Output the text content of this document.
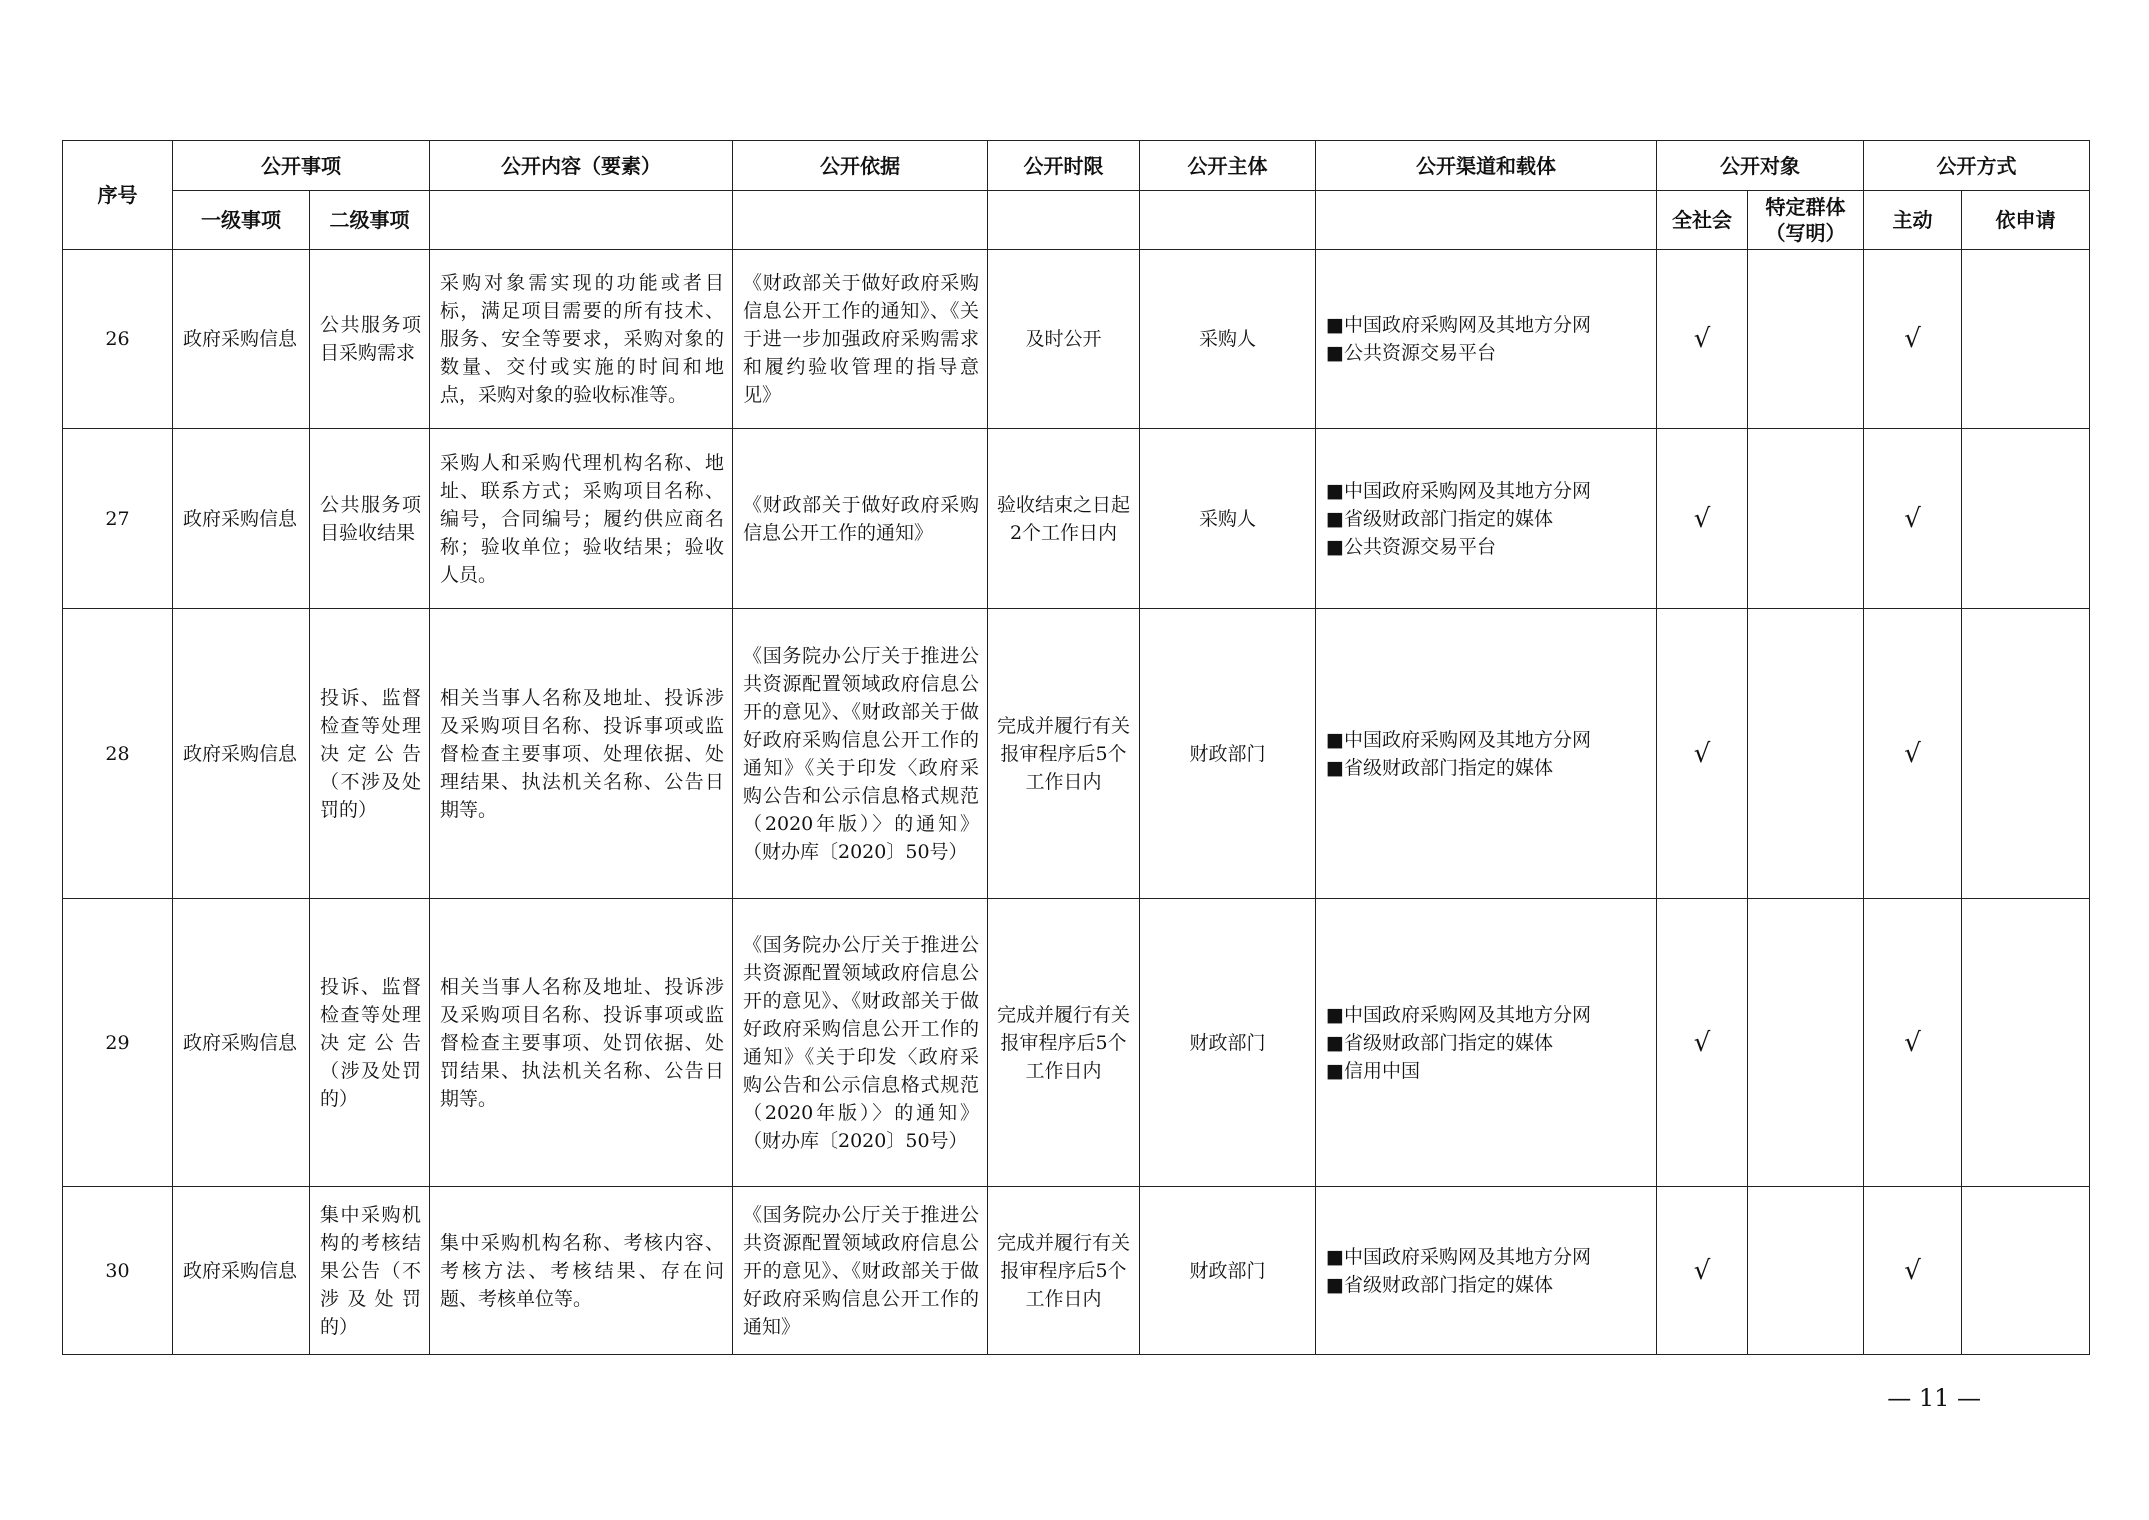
序号	公开事项		公开内容（要素）	公开依据	公开时限	公开主体	公开渠道和载体	公开对象		公开方式	
	一级事项	二级事项						全社会	特定群体（写明）	主动	依申请
26	政府采购信息	公共服务项目采购需求	采购对象需实现的功能或者目标，满足项目需要的所有技术、服务、安全等要求，采购对象的数量、交付或实施的时间和地点，采购对象的验收标准等。	《财政部关于做好政府采购信息公开工作的通知》、《关于进一步加强政府采购需求和履约验收管理的指导意见》	及时公开	采购人	■中国政府采购网及其地方分网
■公共资源交易平台	√		√	
27	政府采购信息	公共服务项目验收结果	采购人和采购代理机构名称、地址、联系方式；采购项目名称、编号，合同编号；履约供应商名称；验收单位；验收结果；验收人员。	《财政部关于做好政府采购信息公开工作的通知》	验收结束之日起2个工作日内	采购人	■中国政府采购网及其地方分网
■省级财政部门指定的媒体
■公共资源交易平台	√		√	
28	政府采购信息	投诉、监督检查等处理决定公告（不涉及处罚的）	相关当事人名称及地址、投诉涉及采购项目名称、投诉事项或监督检查主要事项、处理依据、处理结果、执法机关名称、公告日期等。	《国务院办公厅关于推进公共资源配置领域政府信息公开的意见》、《财政部关于做好政府采购信息公开工作的通知》《关于印发〈政府采购公告和公示信息格式规范（2020年版）〉的通知》（财办库〔2020〕50号）	完成并履行有关报审程序后5个工作日内	财政部门	■中国政府采购网及其地方分网
■省级财政部门指定的媒体	√		√	
29	政府采购信息	投诉、监督检查等处理决定公告（涉及处罚的）	相关当事人名称及地址、投诉涉及采购项目名称、投诉事项或监督检查主要事项、处罚依据、处罚结果、执法机关名称、公告日期等。	《国务院办公厅关于推进公共资源配置领域政府信息公开的意见》、《财政部关于做好政府采购信息公开工作的通知》《关于印发〈政府采购公告和公示信息格式规范（2020年版）〉的通知》（财办库〔2020〕50号）	完成并履行有关报审程序后5个工作日内	财政部门	■中国政府采购网及其地方分网
■省级财政部门指定的媒体
■信用中国	√		√	
30	政府采购信息	集中采购机构的考核结果公告（不涉及处罚的）	集中采购机构名称、考核内容、考核方法、考核结果、存在问题、考核单位等。	《国务院办公厅关于推进公共资源配置领域政府信息公开的意见》、《财政部关于做好政府采购信息公开工作的通知》	完成并履行有关报审程序后5个工作日内	财政部门	■中国政府采购网及其地方分网
■省级财政部门指定的媒体	√		√	
— 11 —
